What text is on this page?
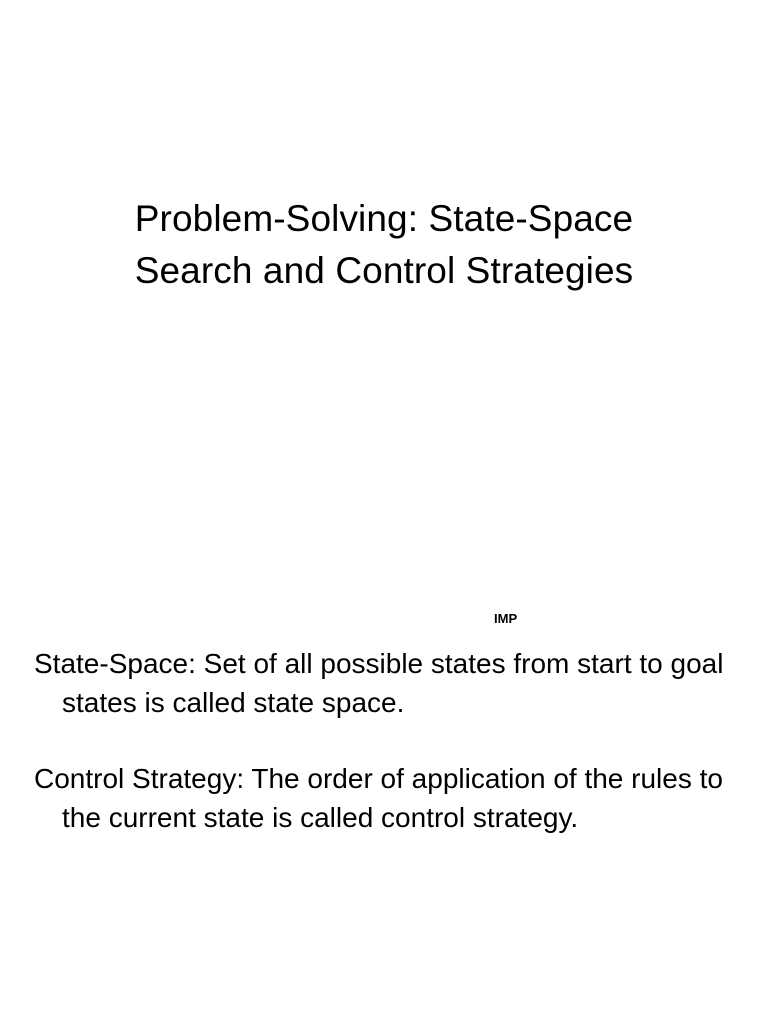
Problem-Solving: State-Space
Search and Control Strategies
IMP

State-Space: Set of all possible states from start to goal states is called state space.

Control Strategy: The order of application of the rules to the current state is called control strategy.
